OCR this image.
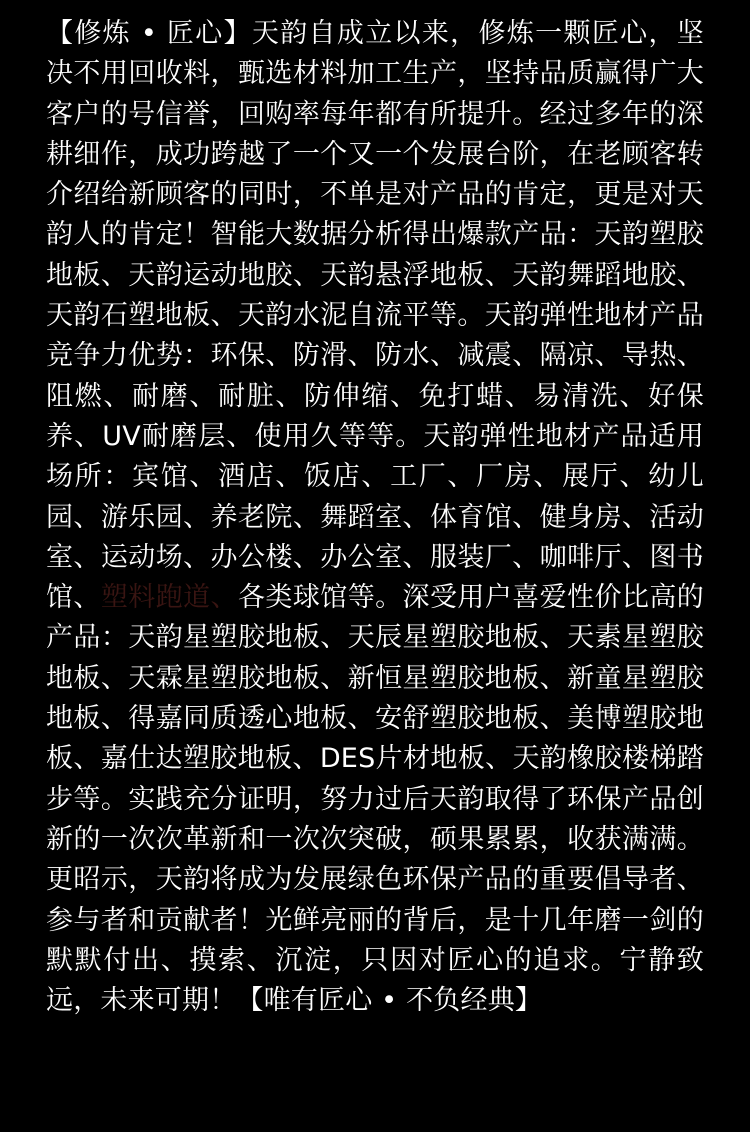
【修炼 • 匠心】天韵自成立以来，修炼一颗匠心，坚决不用回收料，甄选材料加工生产，坚持品质赢得广大客户的号信誉，回购率每年都有所提升。经过多年的深耕细作，成功跨越了一个又一个发展台阶，在老顾客转介绍给新顾客的同时，不单是对产品的肯定，更是对天韵人的肯定！智能大数据分析得出爆款产品：天韵塑胶地板、天韵运动地胶、天韵悬浮地板、天韵舞蹈地胶、天韵石塑地板、天韵水泥自流平等。天韵弹性地材产品竞争力优势：环保、防滑、防水、减震、隔凉、导热、阻燃、耐磨、耐脏、防伸缩、免打蜡、易清洗、好保养、UV耐磨层、使用久等等。天韵弹性地材产品适用场所：宾馆、酒店、饭店、工厂、厂房、展厅、幼儿园、游乐园、养老院、舞蹈室、体育馆、健身房、活动室、运动场、办公楼、办公室、服装厂、咖啡厅、图书馆、塑料跑道、各类球馆等。深受用户喜爱性价比高的产品：天韵星塑胶地板、天辰星塑胶地板、天素星塑胶地板、天霖星塑胶地板、新恒星塑胶地板、新童星塑胶地板、得嘉同质透心地板、安舒塑胶地板、美博塑胶地板、嘉仕达塑胶地板、DES片材地板、天韵橡胶楼梯踏步等。实践充分证明，努力过后天韵取得了环保产品创新的一次次革新和一次次突破，硕果累累，收获满满。更昭示，天韵将成为发展绿色环保产品的重要倡导者、参与者和贡献者！光鲜亮丽的背后，是十几年磨一剑的默默付出、摸索、沉淀，只因对匠心的追求。宁静致远，未来可期！【唯有匠心 • 不负经典】
